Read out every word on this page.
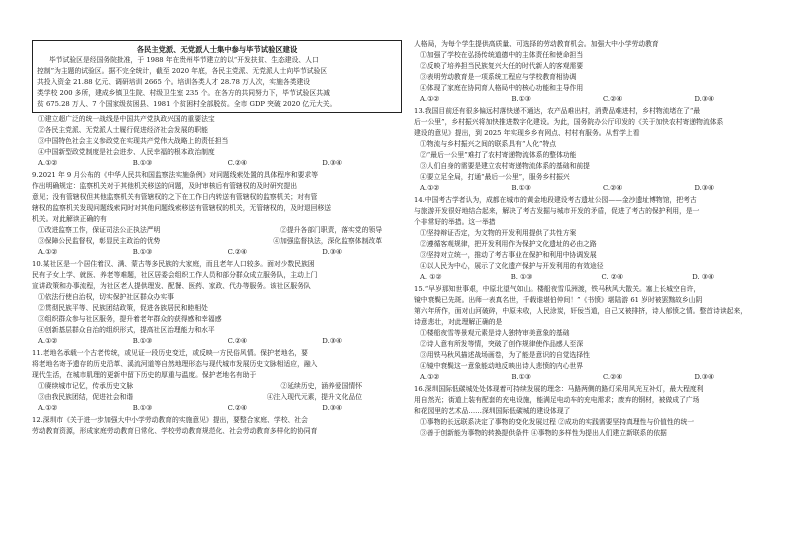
各民主党派、无党派人士集中参与毕节试验区建设
毕节试验区是经国务院批准，于 1988 年在贵州毕节建立的以“开发扶贫、生态建设、人口
控制”为主题的试验区。据不完全统计，截至 2020 年底，各民主党派、无党派人士向毕节试验区
共投入资金 21.88 亿元、调研培训 2665 个。培训各类人才 28.78 万人次，实施各类建设
类学校 200 多所，建成乡镇卫生院、村级卫生室 235 个。在各方的共同努力下，毕节试验区共减
贫 675.28 万人、7 个国家级贫困县、1981 个贫困村全部脱贫。全市 GDP 突破 2020 亿元大关。
①建立超广泛的统一战线是中国共产党执政兴国的重要法宝
②各民主党派、无党派人士履行促进经济社会发展的职能
③中国特色社会主义参政党在实现共产党伟大战略上的责任担当
④中国新型政党制度是社会进步、人民幸福的根本政治制度
A.①②	B.①③	C.②④	D.③④
9.2021 年 9 月公布的《中华人民共和国监察法实施条例》对问题线索处置的具体程序和要求等
作出明确规定：监察机关对于其他机关移送的问题，及时审核后有管辖权的及时研究提出
意见；没有管辖权但其他监察机关有管辖权的之下在工作日内转送有管辖权的监察机关；对有管
辖权的监察机关发现问题线索同时对其他问题线索移送有管辖权的机关，无管辖权的，及时退回移送
机关。对此解读正确的有
①改进监察工作，保证司法公正执法严明	②提升各部门职责，落实党的领导
③保障公民监督权，彰显民主政治的优势	④加强监督执法，深化监察体制改革
A.①②	B.①③	C.②④	D.③④
10.某社区是一个居住着汉、满、蒙古等多民族的大家庭，而且老年人口较多。面对少数民族困
民有子女上学、就医、养老等难题，社区居委会组织工作人员和部分群众成立服务队，主动上门
宣讲政策和办事流程，为社区老人提供理发、配餐、医药、家政、代办等服务。该社区服务队
①依法行使自治权，切实保护社区群众办实事
②贯彻民族平等、民族团结政策，促进各族居民和睦相处
③组织群众参与社区服务，提升着老年群众的获得感和幸福感
④创新基层群众自治的组织形式，提高社区治理能力和水平
A.①②	B.①③	C.②④	D.③④
11.老地名承载一个古老传统，或见证一段历史变迁，或反映一方民俗风情。保护老地名，要
将老地名寄予遗存的历史沿革、溪流河道等自然地理形态与现代城市发展历史文脉相适应，融入
现代生活，在城市肌理的更新中留下历史的厚重与温度。保护老地名有助于
①赓续城市记忆，传承历史文脉	②延续历史，涵养爱国情怀
③由我民族团结，促进社会和谐	④注入现代元素，提升文化品位
A.①②	B.①③	C.②④	D.③④
12.深圳市《关于进一步加强大中小学劳动教育的实施意见》提出，要整合家庭、学校、社会
劳动教育资源，形成家庭劳动教育日常化、学校劳动教育规范化、社会劳动教育多样化的协同育
人格局，为每个学生提供高质量、可选择的劳动教育机会。加强大中小学劳动教育
①加强了学校在弘扬传统道德中的主体责任和使命担当
②反映了培养担当民族复兴大任的时代新人的客观需要
③表明劳动教育是一项系统工程应与学校教育相协调
④体现了家庭在协同育人格局中的核心功能和主导作用
A.①②	B.①③	C.②④	D.③④
13.我国目前还有很多偏远村落快递不通达，农产品难出村，消费品难进村，乡村物流堵在了“最
后一公里”，乡村振兴将加快推进数字化建设。为此，国务院办公厅印发的《关于加快农村寄递物流体系
建设的意见》提出，到 2025 年实现乡乡有网点、村村有服务。从哲学上看
①物流与乡村振兴之间的联系具有“人化”特点
②“最后一公里”难打了农村寄递物流体系的整体功能
③人们自身的需要是建立农村寄递物流体系的基础和前提
④要立足全局，打通“最后一公里”，服务乡村振兴
A.①②	B.①③	C.②④	D.③④
14.中国考古学者认为，成都在城市的黄金地段建设考古遗址公园——金沙遗址博物馆，把考古
与旅游开发很好地结合起来，解决了考古发掘与城市开发的矛盾，促进了考古的保护利用，是一
个非常好的举措。这一举措
①坚持辩证否定，为文物的开发利用提供了共性方案
②遵循客观规律，把开发利用作为保护文化遗址的必由之路
③坚持对立统一，推动了考古事业在保护和利用中协调发展
④以人民为中心，展示了文化遗产保护与开发利用的有效途径
A. ①②	B. ①③	C. ②④	D. ③④
15.“早岁那知世事艰，中原北望气如山。楼船夜雪瓜洲渡，铁马秋风大散关。塞上长城空自许，
镜中衰鬓已先斑。出师一表真名世，千载谁堪伯仲间！”《书愤》堪陆游 61 岁时被罢黜故乡山阴
第六年所作，面对山河破碎，中原未收，人民涂炭，奸佞当道，自己又被排挤，诗人郁愤之情。整首诗读起来，
诗意悲壮，对此理解正确的是
①楼船夜雪等景观元素是诗人独特审美意象的基础
②诗人意有所发等情，突破了创作规律使作品感人至深
③用铁马秋风描述战场画卷，为了能是意识的自觉选择性
④镜中衰鬓这一意象能动地反映出诗人悲愤的内心世界
A.①②	B.①③	C.②④	D.③④
16.深圳国际低碳城处处体现着可持续发展的理念：马路两侧的路灯采用风光互补灯，最大程度利
用自然光；街道上装有配套的充电设施，能满足电动车的充电需求；废弃的钢材，被做成了广场
和花园里的艺术品……深圳国际低碳城的建设体现了
①事物的长远联系决定了事物的变化发展过程 ②成功的实践需要坚持真理性与价值性的统一
③善于创新能为事物的转换提供条件 ④事物的多样性为提出人们建立新联系的依据
